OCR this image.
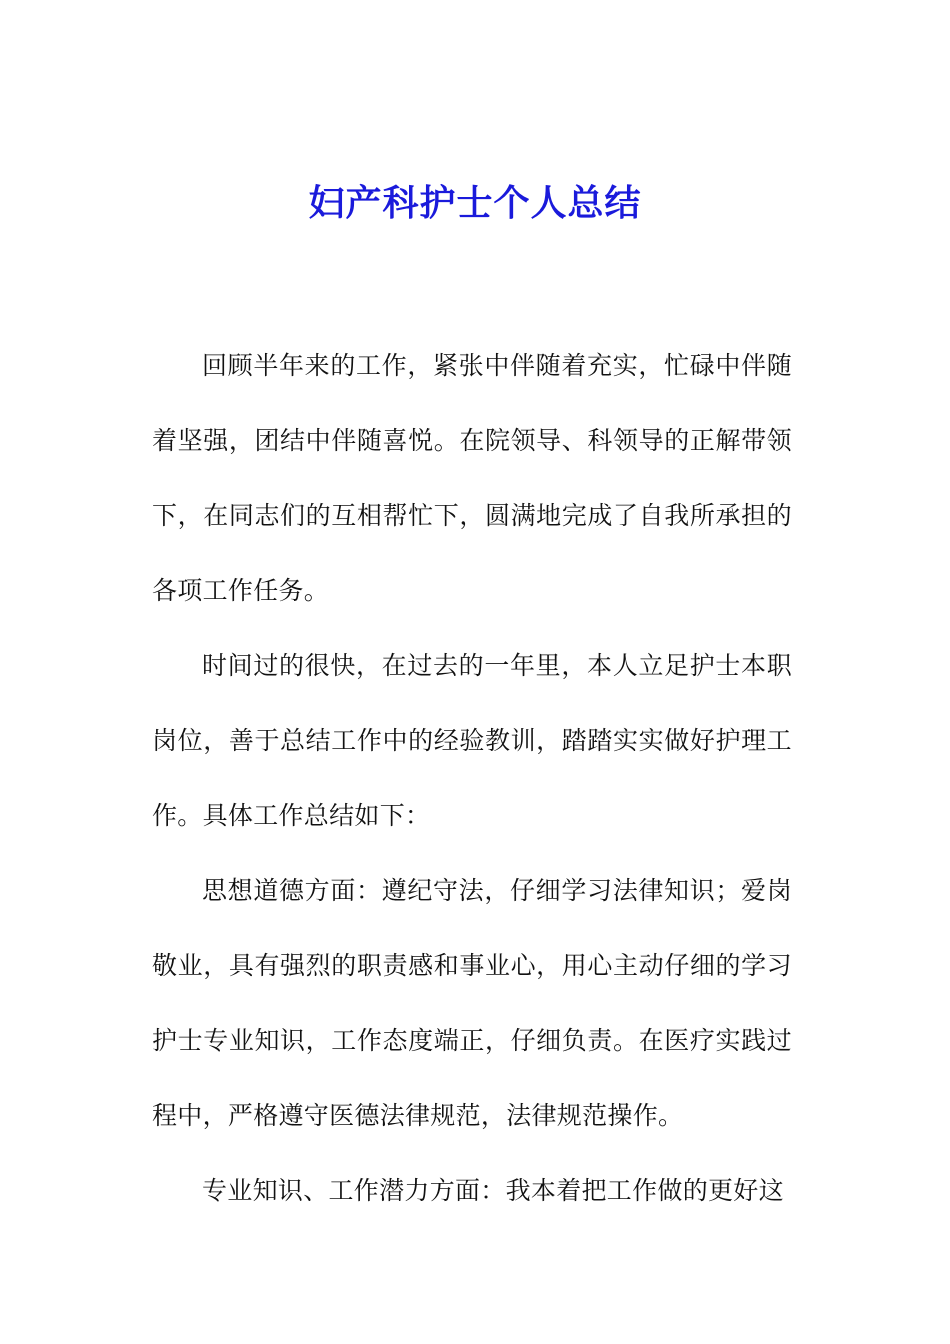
妇产科护士个人总结

回顾半年来的工作，紧张中伴随着充实，忙碌中伴随着坚强，团结中伴随喜悦。在院领导、科领导的正解带领下，在同志们的互相帮忙下，圆满地完成了自我所承担的各项工作任务。

时间过的很快，在过去的一年里，本人立足护士本职岗位，善于总结工作中的经验教训，踏踏实实做好护理工作。具体工作总结如下：

思想道德方面：遵纪守法，仔细学习法律知识；爱岗敬业，具有强烈的职责感和事业心，用心主动仔细的学习护士专业知识，工作态度端正，仔细负责。在医疗实践过程中，严格遵守医德法律规范，法律规范操作。

专业知识、工作潜力方面：我本着把工作做的更好这
